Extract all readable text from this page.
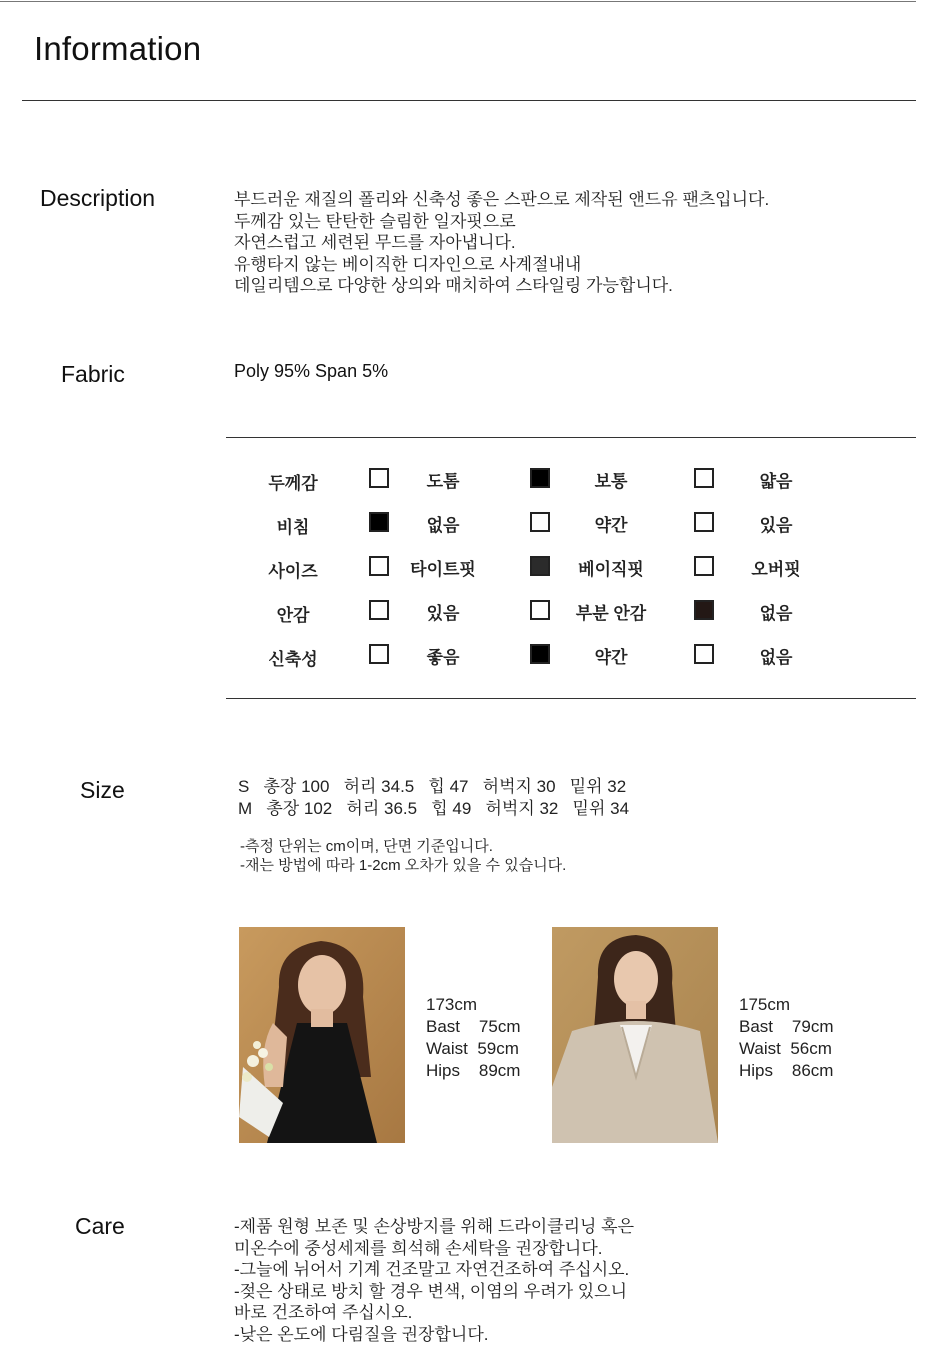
Information
Description	부드러운 재질의 폴리와 신축성 좋은 스판으로 제작된 앤드유 팬츠입니다.
두께감 있는 탄탄한 슬림한 일자핏으로
자연스럽고 세련된 무드를 자아냅니다.
유행타지 않는 베이직한 디자인으로 사계절내내
데일리템으로 다양한 상의와 매치하여 스타일링 가능합니다.
Fabric	Poly 95% Span 5%
두께감	도톰	보통	얇음
비침	없음	약간	있음
사이즈	타이트핏	베이직핏	오버핏
안감	있음	부분 안감	없음
신축성	좋음	약간	없음
Size	S   총장 100   허리 34.5   힙 47   허벅지 30   밑위 32
M   총장 102   허리 36.5   힙 49   허벅지 32   밑위 34
-측정 단위는 cm이며, 단면 기준입니다.
-재는 방법에 따라 1-2cm 오차가 있을 수 있습니다.
173cm
Bast    75cm
Waist  59cm
Hips    89cm
175cm
Bast    79cm
Waist  56cm
Hips    86cm
Care	-제품 원형 보존 및 손상방지를 위해 드라이클리닝 혹은
미온수에 중성세제를 희석해 손세탁을 권장합니다.
-그늘에 뉘어서 기계 건조말고 자연건조하여 주십시오.
-젖은 상태로 방치 할 경우 변색, 이염의 우려가 있으니
바로 건조하여 주십시오.
-낮은 온도에 다림질을 권장합니다.
